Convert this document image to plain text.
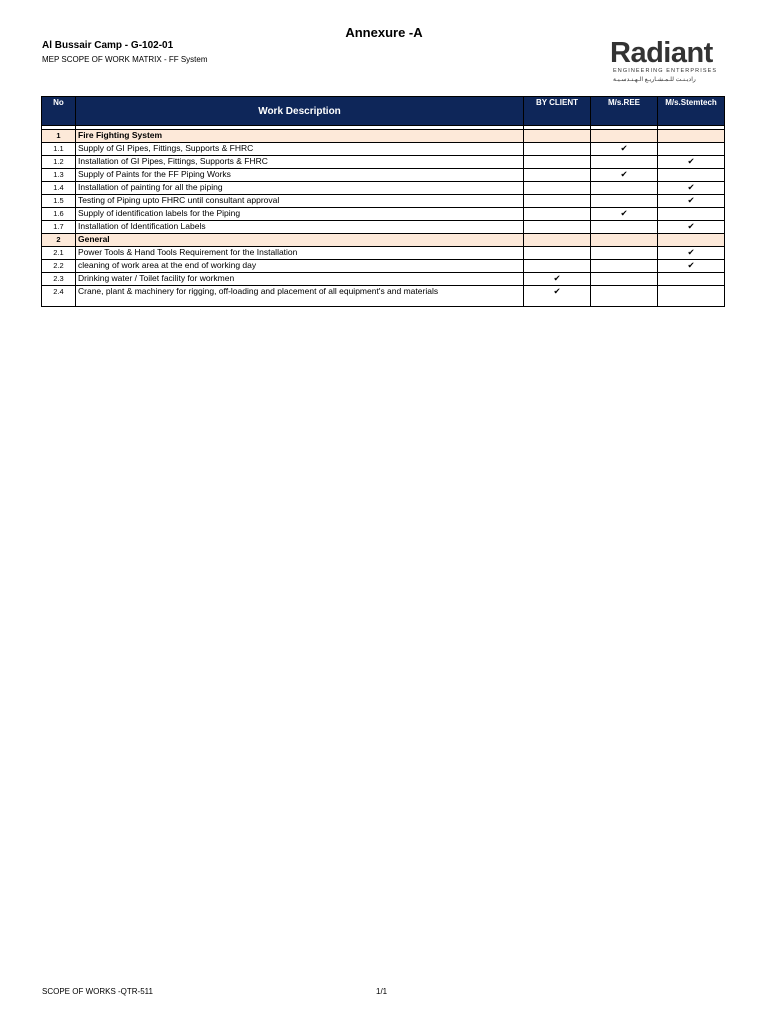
Annexure -A
Al Bussair Camp - G-102-01
MEP SCOPE OF WORK MATRIX - FF System	Radiant
ENGINEERING ENTERPRISES
راديـنـت للـمـشـاريـع الـهـنـدسـيـة
No	Work Description	BY CLIENT	M/s.REE	M/s.Stemtech

1	Fire Fighting System			
1.1	Supply of GI Pipes, Fittings, Supports & FHRC		✔	
1.2	Installation of GI Pipes, Fittings, Supports & FHRC			✔
1.3	Supply of Paints for the FF Piping Works		✔	
1.4	Installation of painting for all the piping			✔
1.5	Testing of Piping upto FHRC until consultant approval			✔
1.6	Supply of identification labels for the Piping		✔	
1.7	Installation of Identification Labels			✔
2	General			
2.1	Power Tools & Hand Tools Requirement for the Installation			✔
2.2	cleaning of work area at the end of working day			✔
2.3	Drinking water / Toilet facility for workmen	✔		
2.4	Crane, plant & machinery for rigging, off-loading and placement of all equipment's and materials	✔		
SCOPE OF WORKS -QTR-511	1/1
